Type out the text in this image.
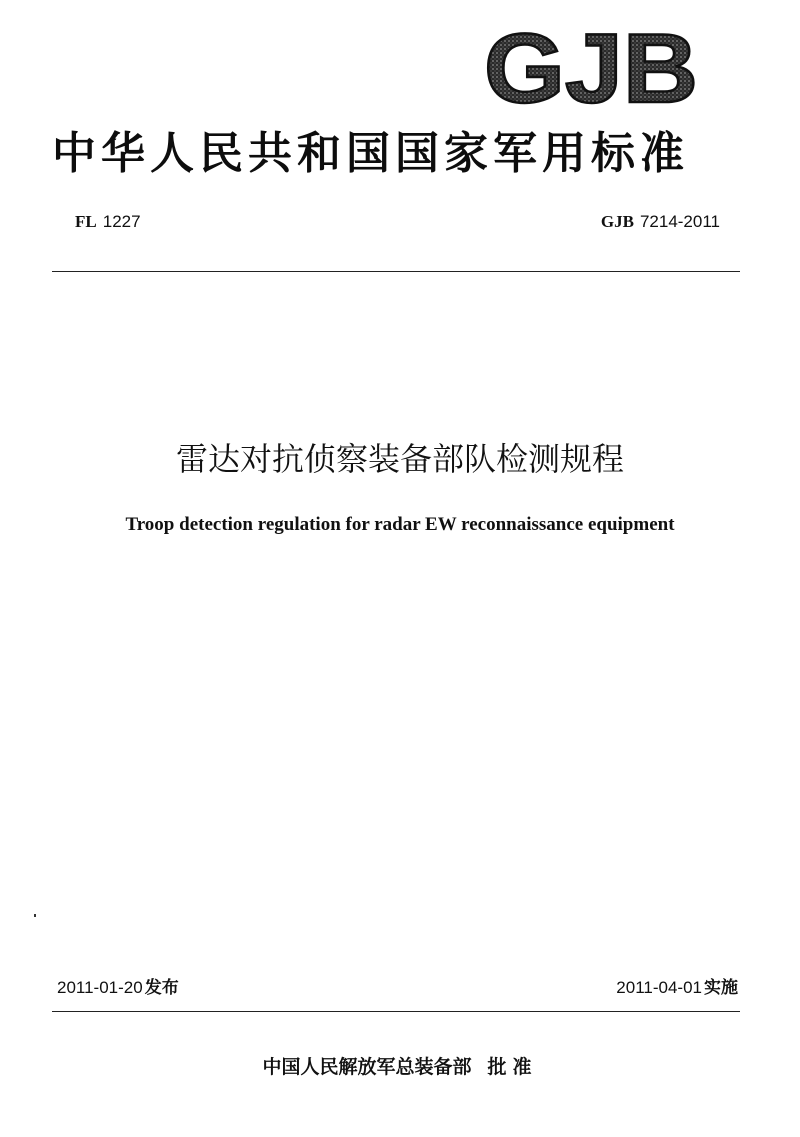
GJB
中华人民共和国国家军用标准
FL 1227	GJB 7214-2011
雷达对抗侦察装备部队检测规程
Troop detection regulation for radar EW reconnaissance equipment
2011-01-20 发布	2011-04-01 实施
中国人民解放军总装备部 批准
